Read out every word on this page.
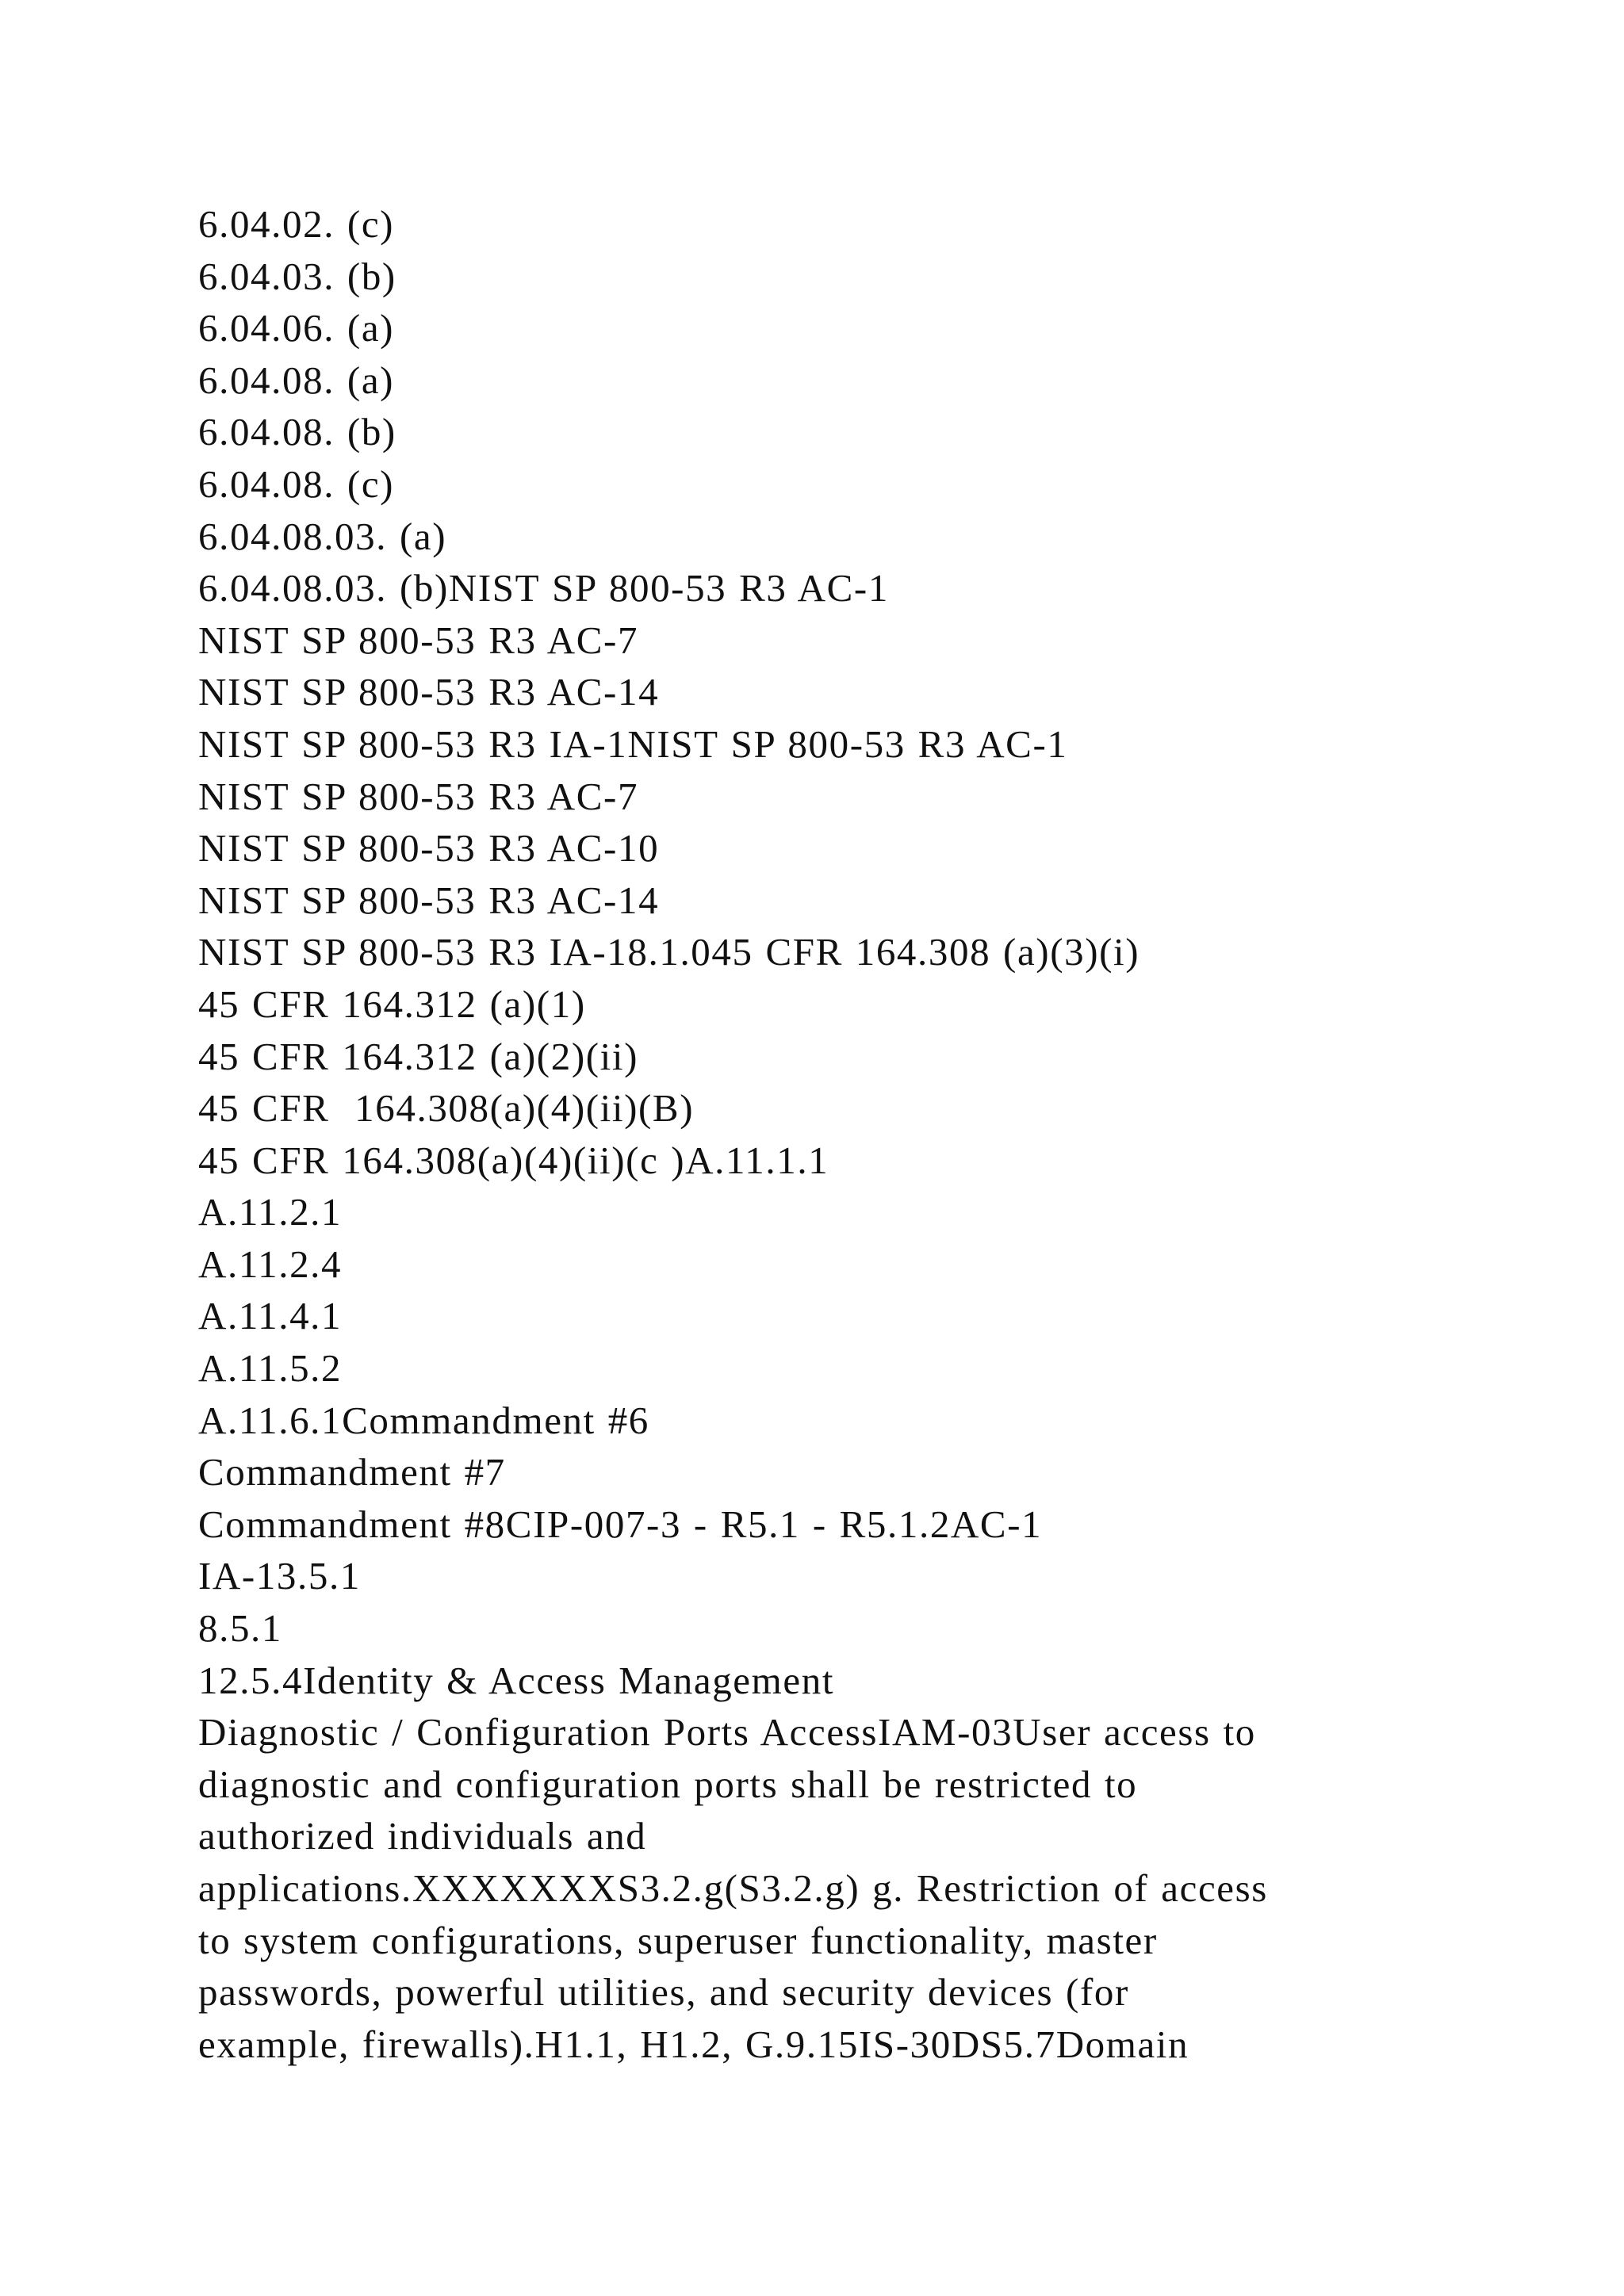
6.04.02. (c)
6.04.03. (b)
6.04.06. (a)
6.04.08. (a)
6.04.08. (b)
6.04.08. (c)
6.04.08.03. (a)
6.04.08.03. (b)NIST SP 800-53 R3 AC-1
NIST SP 800-53 R3 AC-7
NIST SP 800-53 R3 AC-14
NIST SP 800-53 R3 IA-1NIST SP 800-53 R3 AC-1
NIST SP 800-53 R3 AC-7
NIST SP 800-53 R3 AC-10
NIST SP 800-53 R3 AC-14
NIST SP 800-53 R3 IA-18.1.045 CFR 164.308 (a)(3)(i)
45 CFR 164.312 (a)(1)
45 CFR 164.312 (a)(2)(ii)
45 CFR  164.308(a)(4)(ii)(B)
45 CFR 164.308(a)(4)(ii)(c )A.11.1.1
A.11.2.1
A.11.2.4
A.11.4.1
A.11.5.2
A.11.6.1Commandment #6
Commandment #7
Commandment #8CIP-007-3 - R5.1 - R5.1.2AC-1
IA-13.5.1
8.5.1
12.5.4Identity & Access Management
Diagnostic / Configuration Ports AccessIAM-03User access to
diagnostic and configuration ports shall be restricted to
authorized individuals and
applications.XXXXXXXS3.2.g(S3.2.g) g. Restriction of access
to system configurations, superuser functionality, master
passwords, powerful utilities, and security devices (for
example, firewalls).H1.1, H1.2, G.9.15IS-30DS5.7Domain
